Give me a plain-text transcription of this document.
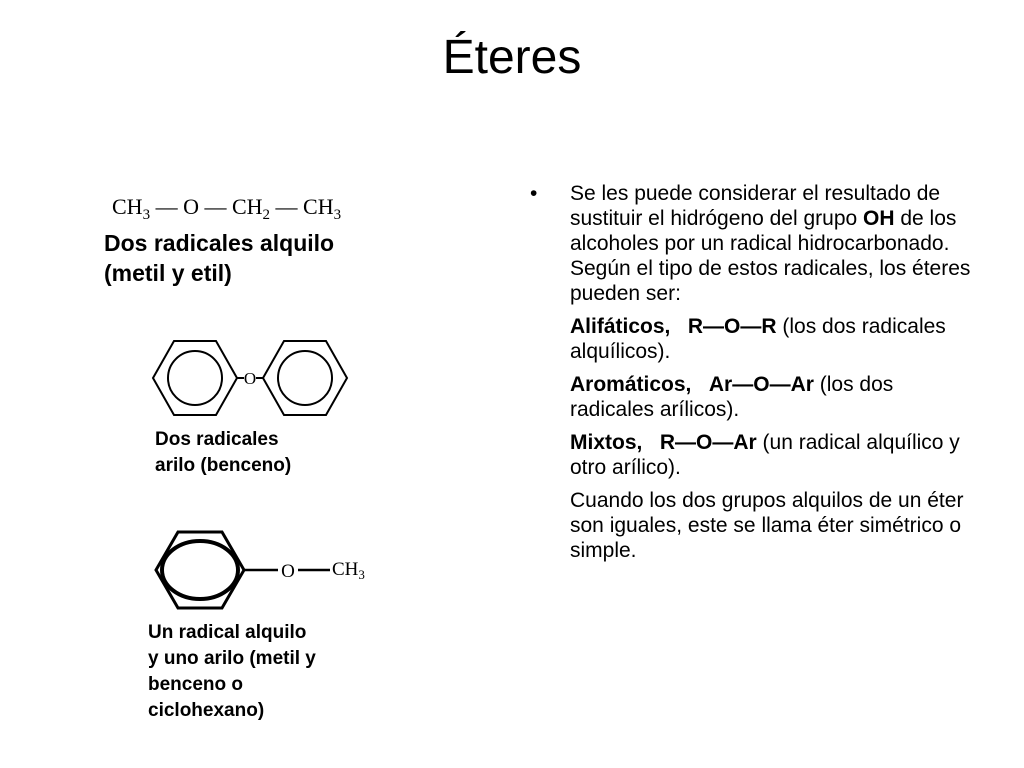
Éteres
$CH_3$ — O — $CH_2$ — $CH_3$
Dos radicales alquilo
(metil y etil)
O
Dos radicales
arilo (benceno)
O $CH_3$
Un radical alquilo
y uno arilo (metil y
benceno o
ciclohexano)
• Se les puede considerar el resultado de sustituir el hidrógeno del grupo OH de los alcoholes por un radical hidrocarbonado. Según el tipo de estos radicales, los éteres pueden ser:
Alifáticos, R—O—R (los dos radicales alquílicos).
Aromáticos, Ar—O—Ar (los dos radicales arílicos).
Mixtos, R—O—Ar (un radical alquílico y otro arílico).
Cuando los dos grupos alquilos de un éter son iguales, este se llama éter simétrico o simple.
